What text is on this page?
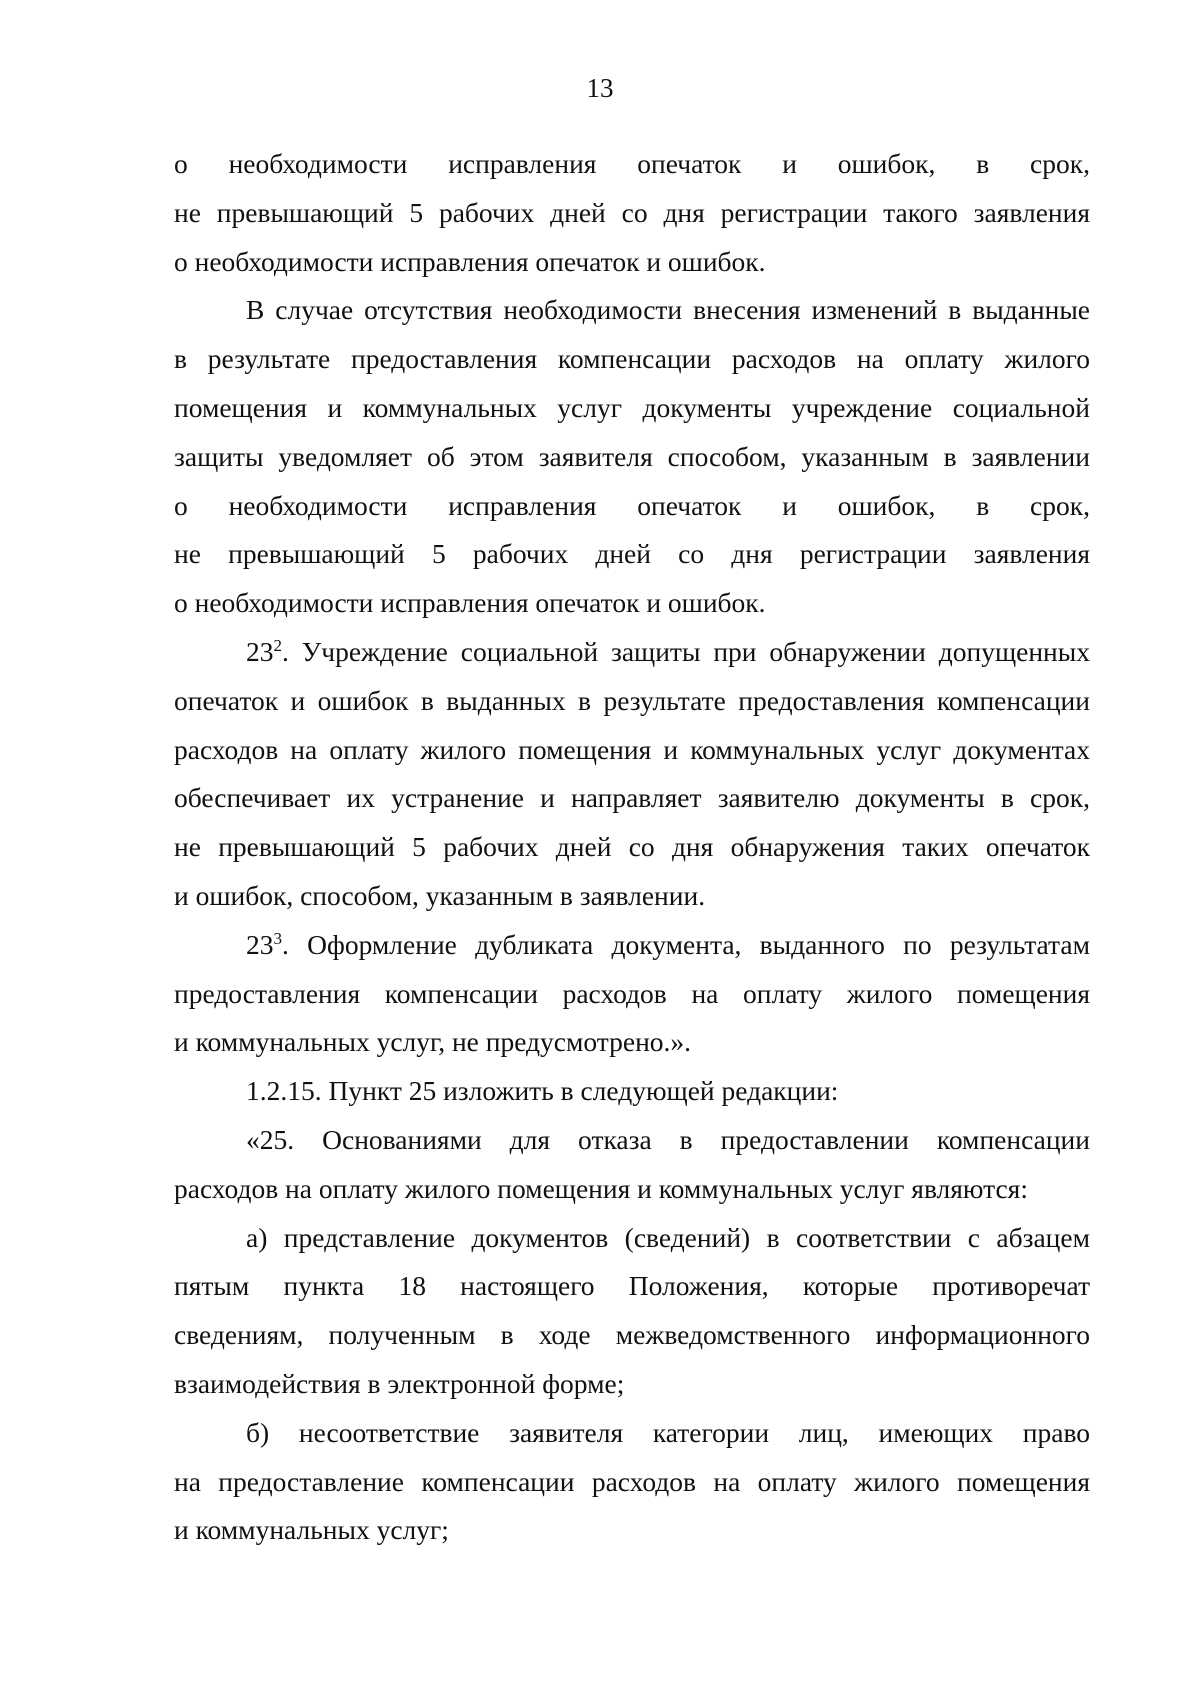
13
о необходимости исправления опечаток и ошибок, в срок,
не превышающий 5 рабочих дней со дня регистрации такого заявления
о необходимости исправления опечаток и ошибок.
В случае отсутствия необходимости внесения изменений в выданные
в результате предоставления компенсации расходов на оплату жилого
помещения и коммунальных услуг документы учреждение социальной
защиты уведомляет об этом заявителя способом, указанным в заявлении
о необходимости исправления опечаток и ошибок, в срок,
не превышающий 5 рабочих дней со дня регистрации заявления
о необходимости исправления опечаток и ошибок.
$23^2$. Учреждение социальной защиты при обнаружении допущенных
опечаток и ошибок в выданных в результате предоставления компенсации
расходов на оплату жилого помещения и коммунальных услуг документах
обеспечивает их устранение и направляет заявителю документы в срок,
не превышающий 5 рабочих дней со дня обнаружения таких опечаток
и ошибок, способом, указанным в заявлении.
$23^3$. Оформление дубликата документа, выданного по результатам
предоставления компенсации расходов на оплату жилого помещения
и коммунальных услуг, не предусмотрено.».
1.2.15. Пункт 25 изложить в следующей редакции:
«25. Основаниями для отказа в предоставлении компенсации
расходов на оплату жилого помещения и коммунальных услуг являются:
а) представление документов (сведений) в соответствии с абзацем
пятым пункта 18 настоящего Положения, которые противоречат
сведениям, полученным в ходе межведомственного информационного
взаимодействия в электронной форме;
б) несоответствие заявителя категории лиц, имеющих право
на предоставление компенсации расходов на оплату жилого помещения
и коммунальных услуг;
